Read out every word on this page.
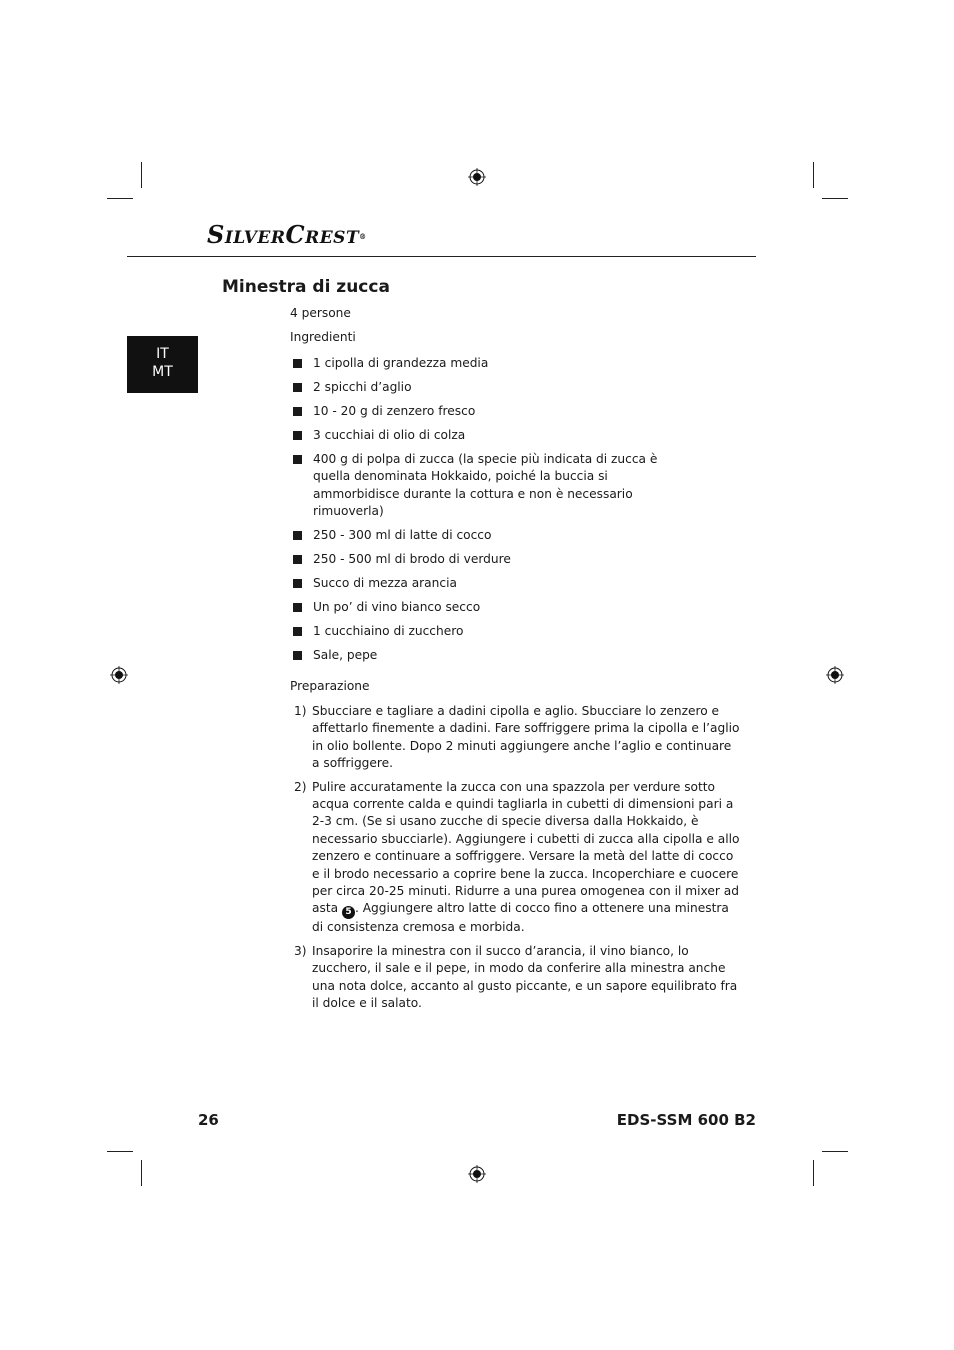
SilverCrest®
Minestra di zucca
IT
MT
4 persone
Ingredienti
1 cipolla di grandezza media
2 spicchi d’aglio
10 - 20 g di zenzero fresco
3 cucchiai di olio di colza
400 g di polpa di zucca (la specie più indicata di zucca è quella denominata Hokkaido, poiché la buccia si ammorbidisce durante la cottura e non è necessario rimuoverla)
250 - 300 ml di latte di cocco
250 - 500 ml di brodo di verdure
Succo di mezza arancia
Un po’ di vino bianco secco
1 cucchiaino di zucchero
Sale, pepe
Preparazione
1) Sbucciare e tagliare a dadini cipolla e aglio. Sbucciare lo zenzero e affettarlo finemente a dadini. Fare soffriggere prima la cipolla e l’aglio in olio bollente. Dopo 2 minuti aggiungere anche l’aglio e continuare a soffriggere.
2) Pulire accuratamente la zucca con una spazzola per verdure sotto acqua corrente calda e quindi tagliarla in cubetti di dimensioni pari a 2-3 cm. (Se si usano zucche di specie diversa dalla Hokkaido, è necessario sbucciarle). Aggiungere i cubetti di zucca alla cipolla e allo zenzero e continuare a soffriggere. Versare la metà del latte di cocco e il brodo necessario a coprire bene la zucca. Incoperchiare e cuocere per circa 20-25 minuti. Ridurre a una purea omogenea con il mixer ad asta 5 . Aggiungere altro latte di cocco fino a ottenere una minestra di consistenza cremosa e morbida.
3) Insaporire la minestra con il succo d’arancia, il vino bianco, lo zucchero, il sale e il pepe, in modo da conferire alla minestra anche una nota dolce, accanto al gusto piccante, e un sapore equilibrato fra il dolce e il salato.
26	EDS-SSM 600 B2
